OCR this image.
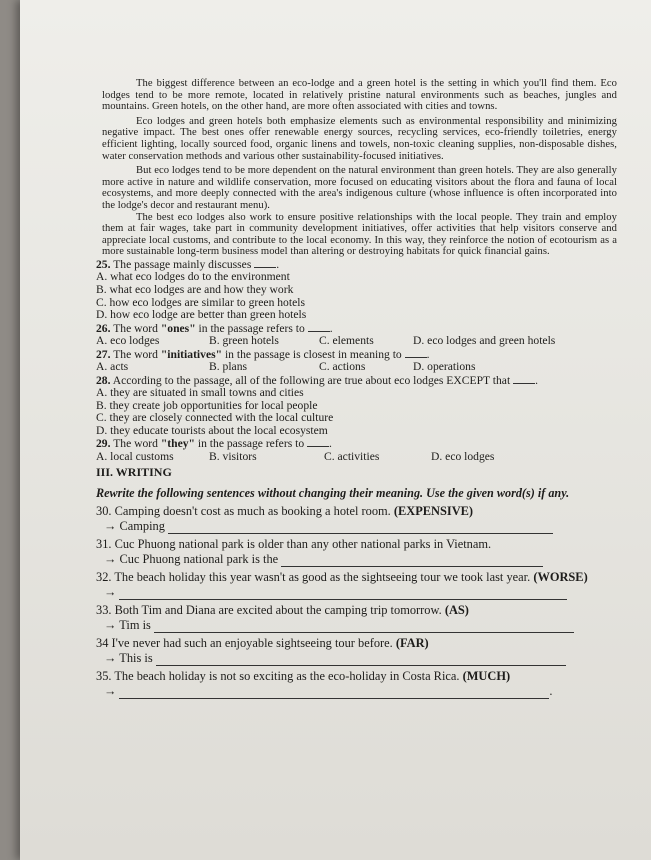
The biggest difference between an eco-lodge and a green hotel is the setting in which you'll find them. Eco lodges tend to be more remote, located in relatively pristine natural environments such as beaches, jungles and mountains. Green hotels, on the other hand, are more often associated with cities and towns.

Eco lodges and green hotels both emphasize elements such as environmental responsibility and minimizing negative impact. The best ones offer renewable energy sources, recycling services, eco-friendly toiletries, energy efficient lighting, locally sourced food, organic linens and towels, non-toxic cleaning supplies, non-disposable dishes, water conservation methods and various other sustainability-focused initiatives.

But eco lodges tend to be more dependent on the natural environment than green hotels. They are also generally more active in nature and wildlife conservation, more focused on educating visitors about the flora and fauna of local ecosystems, and more deeply connected with the area's indigenous culture (whose influence is often incorporated into the lodge's decor and restaurant menu).

The best eco lodges also work to ensure positive relationships with the local people. They train and employ them at fair wages, take part in community development initiatives, offer activities that help visitors conserve and appreciate local customs, and contribute to the local economy. In this way, they reinforce the notion of ecotourism as a more sustainable long-term business model than altering or destroying habitats for quick financial gains.

25. The passage mainly discusses .

A. what eco lodges do to the environment

B. what eco lodges are and how they work

C. how eco lodges are similar to green hotels

D. how eco lodge are better than green hotels

26. The word "ones" in the passage refers to .

A. eco lodges	B. green hotels	C. elements	D. eco lodges and green hotels

27. The word "initiatives" in the passage is closest in meaning to .

A. acts	B. plans	C. actions	D. operations

28. According to the passage, all of the following are true about eco lodges EXCEPT that .

A. they are situated in small towns and cities

B. they create job opportunities for local people

C. they are closely connected with the local culture

D. they educate tourists about the local ecosystem

29. The word "they" in the passage refers to .

A. local customs	B. visitors	C. activities	D. eco lodges
III. WRITING
Rewrite the following sentences without changing their meaning. Use the given word(s) if any.

30. Camping doesn't cost as much as booking a hotel room. (EXPENSIVE)

→ Camping

31. Cuc Phuong national park is older than any other national parks in Vietnam.

→ Cuc Phuong national park is the

32. The beach holiday this year wasn't as good as the sightseeing tour we took last year. (WORSE)

→

33. Both Tim and Diana are excited about the camping trip tomorrow. (AS)

→ Tim is

34 I've never had such an enjoyable sightseeing tour before. (FAR)

→ This is

35. The beach holiday is not so exciting as the eco-holiday in Costa Rica. (MUCH)

→	.
